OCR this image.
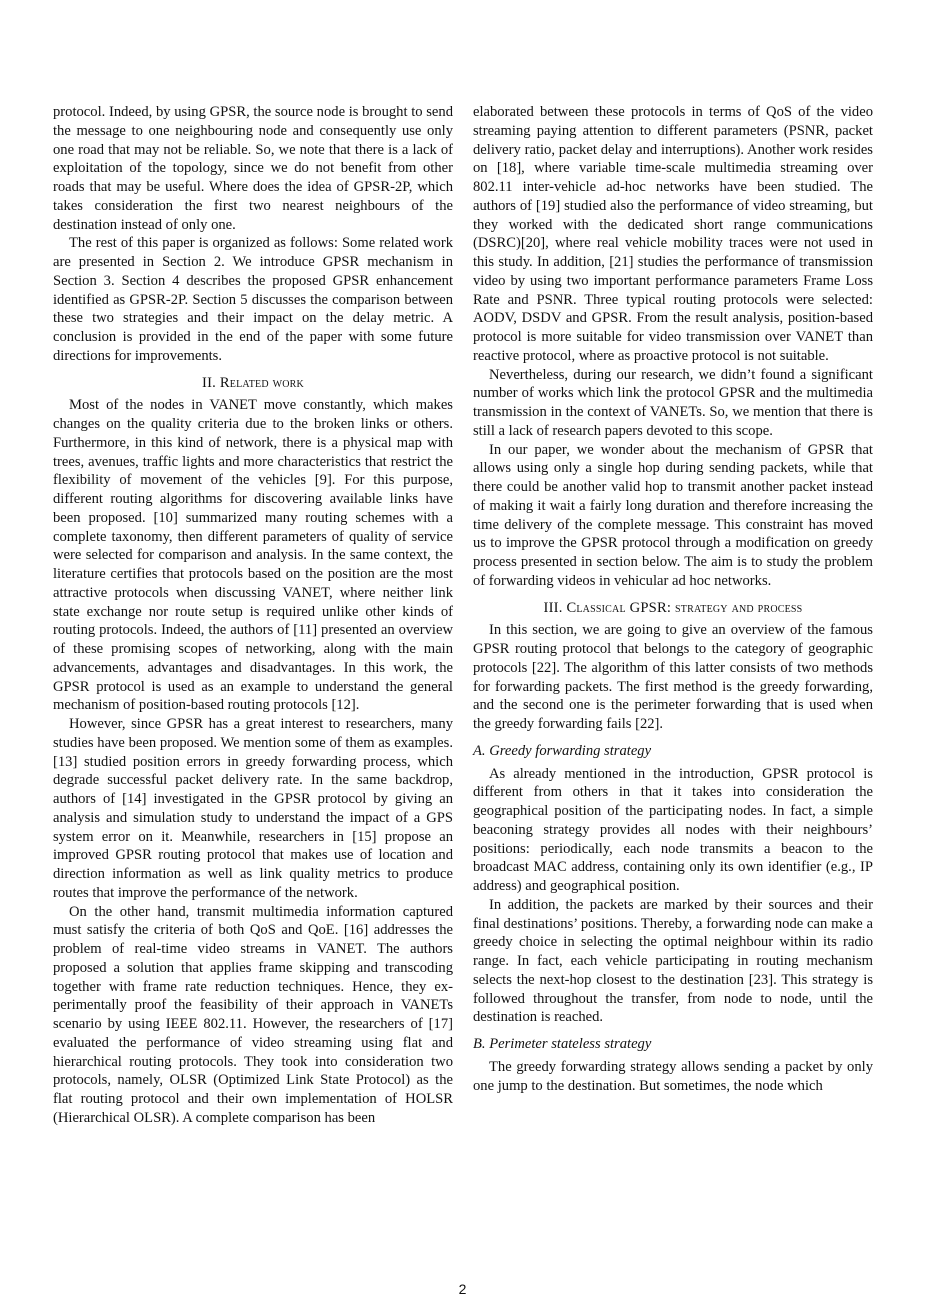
protocol. Indeed, by using GPSR, the source node is brought to send the message to one neighbouring node and consequently use only one road that may not be reliable. So, we note that there is a lack of exploitation of the topology, since we do not benefit from other roads that may be useful. Where does the idea of GPSR-2P, which takes consideration the first two nearest neighbours of the destination instead of only one.

The rest of this paper is organized as follows: Some related work are presented in Section 2. We introduce GPSR mechanism in Section 3. Section 4 describes the proposed GPSR enhancement identified as GPSR-2P. Section 5 discusses the comparison between these two strategies and their impact on the delay metric. A conclusion is provided in the end of the paper with some future directions for improvements.

II. Related work

Most of the nodes in VANET move constantly, which makes changes on the quality criteria due to the broken links or others. Furthermore, in this kind of network, there is a physical map with trees, avenues, traffic lights and more characteristics that restrict the flexibility of movement of the vehicles [9]. For this purpose, different routing algorithms for discovering available links have been proposed. [10] summarized many routing schemes with a complete taxonomy, then different parameters of quality of service were selected for comparison and analysis. In the same context, the literature certifies that protocols based on the position are the most attractive protocols when discussing VANET, where neither link state exchange nor route setup is required unlike other kinds of routing protocols. Indeed, the authors of [11] presented an overview of these promising scopes of networking, along with the main advancements, advantages and disadvantages. In this work, the GPSR protocol is used as an example to understand the general mechanism of position-based routing protocols [12].

However, since GPSR has a great interest to researchers, many studies have been proposed. We mention some of them as examples. [13] studied position errors in greedy forwarding process, which degrade successful packet delivery rate. In the same backdrop, authors of [14] investigated in the GPSR protocol by giving an analysis and simulation study to understand the impact of a GPS system error on it. Meanwhile, researchers in [15] propose an improved GPSR routing protocol that makes use of location and direction information as well as link quality metrics to produce routes that improve the performance of the network.

On the other hand, transmit multimedia information captured must satisfy the criteria of both QoS and QoE. [16] addresses the problem of real-time video streams in VANET. The authors proposed a solution that applies frame skipping and transcoding together with frame rate reduction techniques. Hence, they experimentally proof the feasibility of their approach in VANETs scenario by using IEEE 802.11. However, the researchers of [17] evaluated the performance of video streaming using flat and hierarchical routing protocols. They took into consideration two protocols, namely, OLSR (Optimized Link State Protocol) as the flat routing protocol and their own implementation of HOLSR (Hierarchical OLSR). A complete comparison has been

elaborated between these protocols in terms of QoS of the video streaming paying attention to different parameters (PSNR, packet delivery ratio, packet delay and interruptions). Another work resides on [18], where variable time-scale multimedia streaming over 802.11 inter-vehicle ad-hoc networks have been studied. The authors of [19] studied also the performance of video streaming, but they worked with the dedicated short range communications (DSRC)[20], where real vehicle mobility traces were not used in this study. In addition, [21] studies the performance of transmission video by using two important performance parameters Frame Loss Rate and PSNR. Three typical routing protocols were selected: AODV, DSDV and GPSR. From the result analysis, position-based protocol is more suitable for video transmission over VANET than reactive protocol, where as proactive protocol is not suitable.

Nevertheless, during our research, we didn’t found a significant number of works which link the protocol GPSR and the multimedia transmission in the context of VANETs. So, we mention that there is still a lack of research papers devoted to this scope.

In our paper, we wonder about the mechanism of GPSR that allows using only a single hop during sending packets, while that there could be another valid hop to transmit another packet instead of making it wait a fairly long duration and therefore increasing the time delivery of the complete message. This constraint has moved us to improve the GPSR protocol through a modification on greedy process presented in section below. The aim is to study the problem of forwarding videos in vehicular ad hoc networks.

III. Classical GPSR: strategy and process

In this section, we are going to give an overview of the famous GPSR routing protocol that belongs to the category of geographic protocols [22]. The algorithm of this latter consists of two methods for forwarding packets. The first method is the greedy forwarding, and the second one is the perimeter forwarding that is used when the greedy forwarding fails [22].

A. Greedy forwarding strategy

As already mentioned in the introduction, GPSR protocol is different from others in that it takes into consideration the geographical position of the participating nodes. In fact, a simple beaconing strategy provides all nodes with their neighbours’ positions: periodically, each node transmits a beacon to the broadcast MAC address, containing only its own identifier (e.g., IP address) and geographical position.

In addition, the packets are marked by their sources and their final destinations’ positions. Thereby, a forwarding node can make a greedy choice in selecting the optimal neighbour within its radio range. In fact, each vehicle participating in routing mechanism selects the next-hop closest to the destination [23]. This strategy is followed throughout the transfer, from node to node, until the destination is reached.

B. Perimeter stateless strategy

The greedy forwarding strategy allows sending a packet by only one jump to the destination. But sometimes, the node which

2
